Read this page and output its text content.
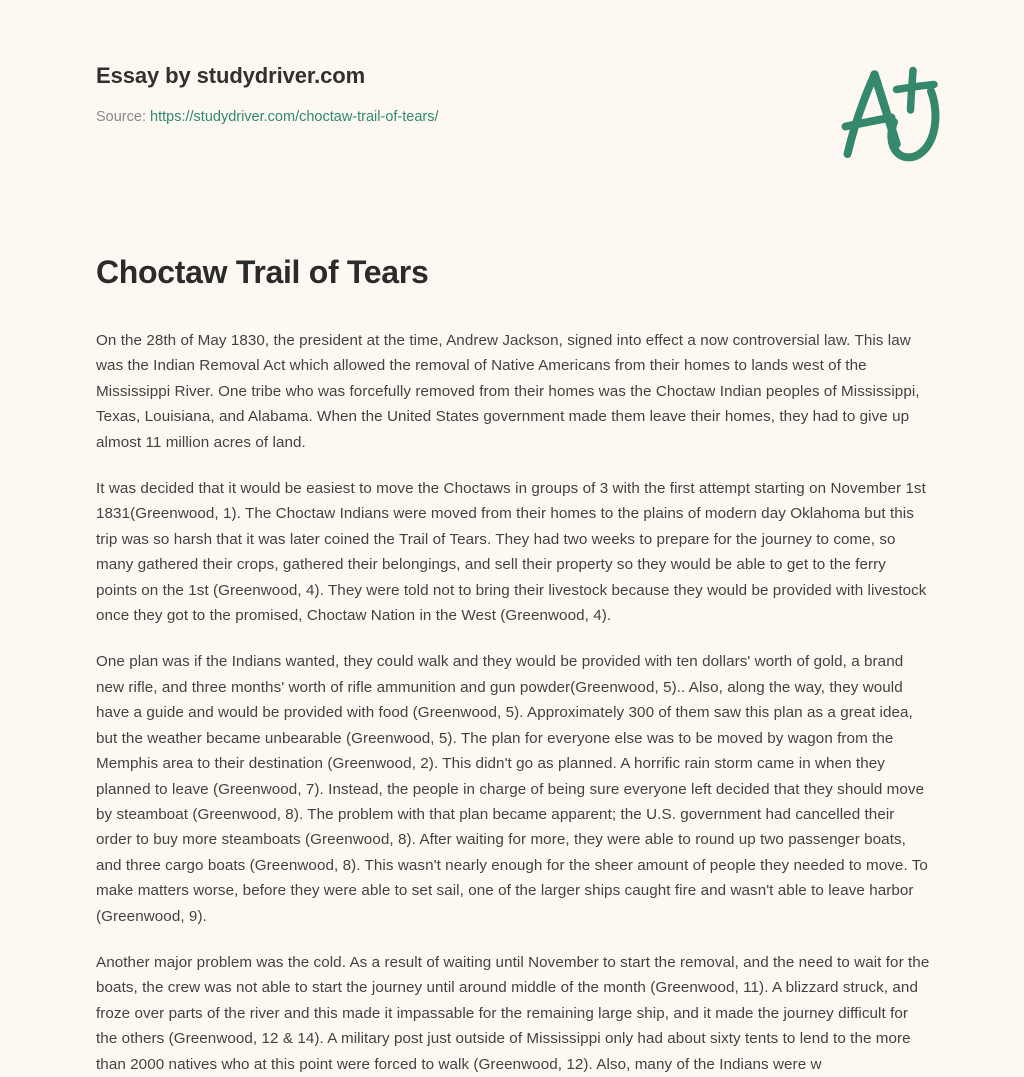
Essay by studydriver.com
Source: https://studydriver.com/choctaw-trail-of-tears/
Choctaw Trail of Tears

On the 28th of May 1830, the president at the time, Andrew Jackson, signed into effect a now controversial law. This law was the Indian Removal Act which allowed the removal of Native Americans from their homes to lands west of the Mississippi River. One tribe who was forcefully removed from their homes was the Choctaw Indian peoples of Mississippi, Texas, Louisiana, and Alabama. When the United States government made them leave their homes, they had to give up almost 11 million acres of land.

It was decided that it would be easiest to move the Choctaws in groups of 3 with the first attempt starting on November 1st 1831(Greenwood, 1). The Choctaw Indians were moved from their homes to the plains of modern day Oklahoma but this trip was so harsh that it was later coined the Trail of Tears. They had two weeks to prepare for the journey to come, so many gathered their crops, gathered their belongings, and sell their property so they would be able to get to the ferry points on the 1st (Greenwood, 4). They were told not to bring their livestock because they would be provided with livestock once they got to the promised, Choctaw Nation in the West (Greenwood, 4).

One plan was if the Indians wanted, they could walk and they would be provided with ten dollars' worth of gold, a brand new rifle, and three months' worth of rifle ammunition and gun powder(Greenwood, 5).. Also, along the way, they would have a guide and would be provided with food (Greenwood, 5). Approximately 300 of them saw this plan as a great idea, but the weather became unbearable (Greenwood, 5). The plan for everyone else was to be moved by wagon from the Memphis area to their destination (Greenwood, 2). This didn't go as planned. A horrific rain storm came in when they planned to leave (Greenwood, 7). Instead, the people in charge of being sure everyone left decided that they should move by steamboat (Greenwood, 8). The problem with that plan became apparent; the U.S. government had cancelled their order to buy more steamboats (Greenwood, 8). After waiting for more, they were able to round up two passenger boats, and three cargo boats (Greenwood, 8). This wasn't nearly enough for the sheer amount of people they needed to move. To make matters worse, before they were able to set sail, one of the larger ships caught fire and wasn't able to leave harbor (Greenwood, 9).

Another major problem was the cold. As a result of waiting until November to start the removal, and the need to wait for the boats, the crew was not able to start the journey until around middle of the month (Greenwood, 11). A blizzard struck, and froze over parts of the river and this made it impassable for the remaining large ship, and it made the journey difficult for the others (Greenwood, 12 & 14). A military post just outside of Mississippi only had about sixty tents to lend to the more than 2000 natives who at this point were forced to walk (Greenwood, 12). Also, many of the Indians were w
